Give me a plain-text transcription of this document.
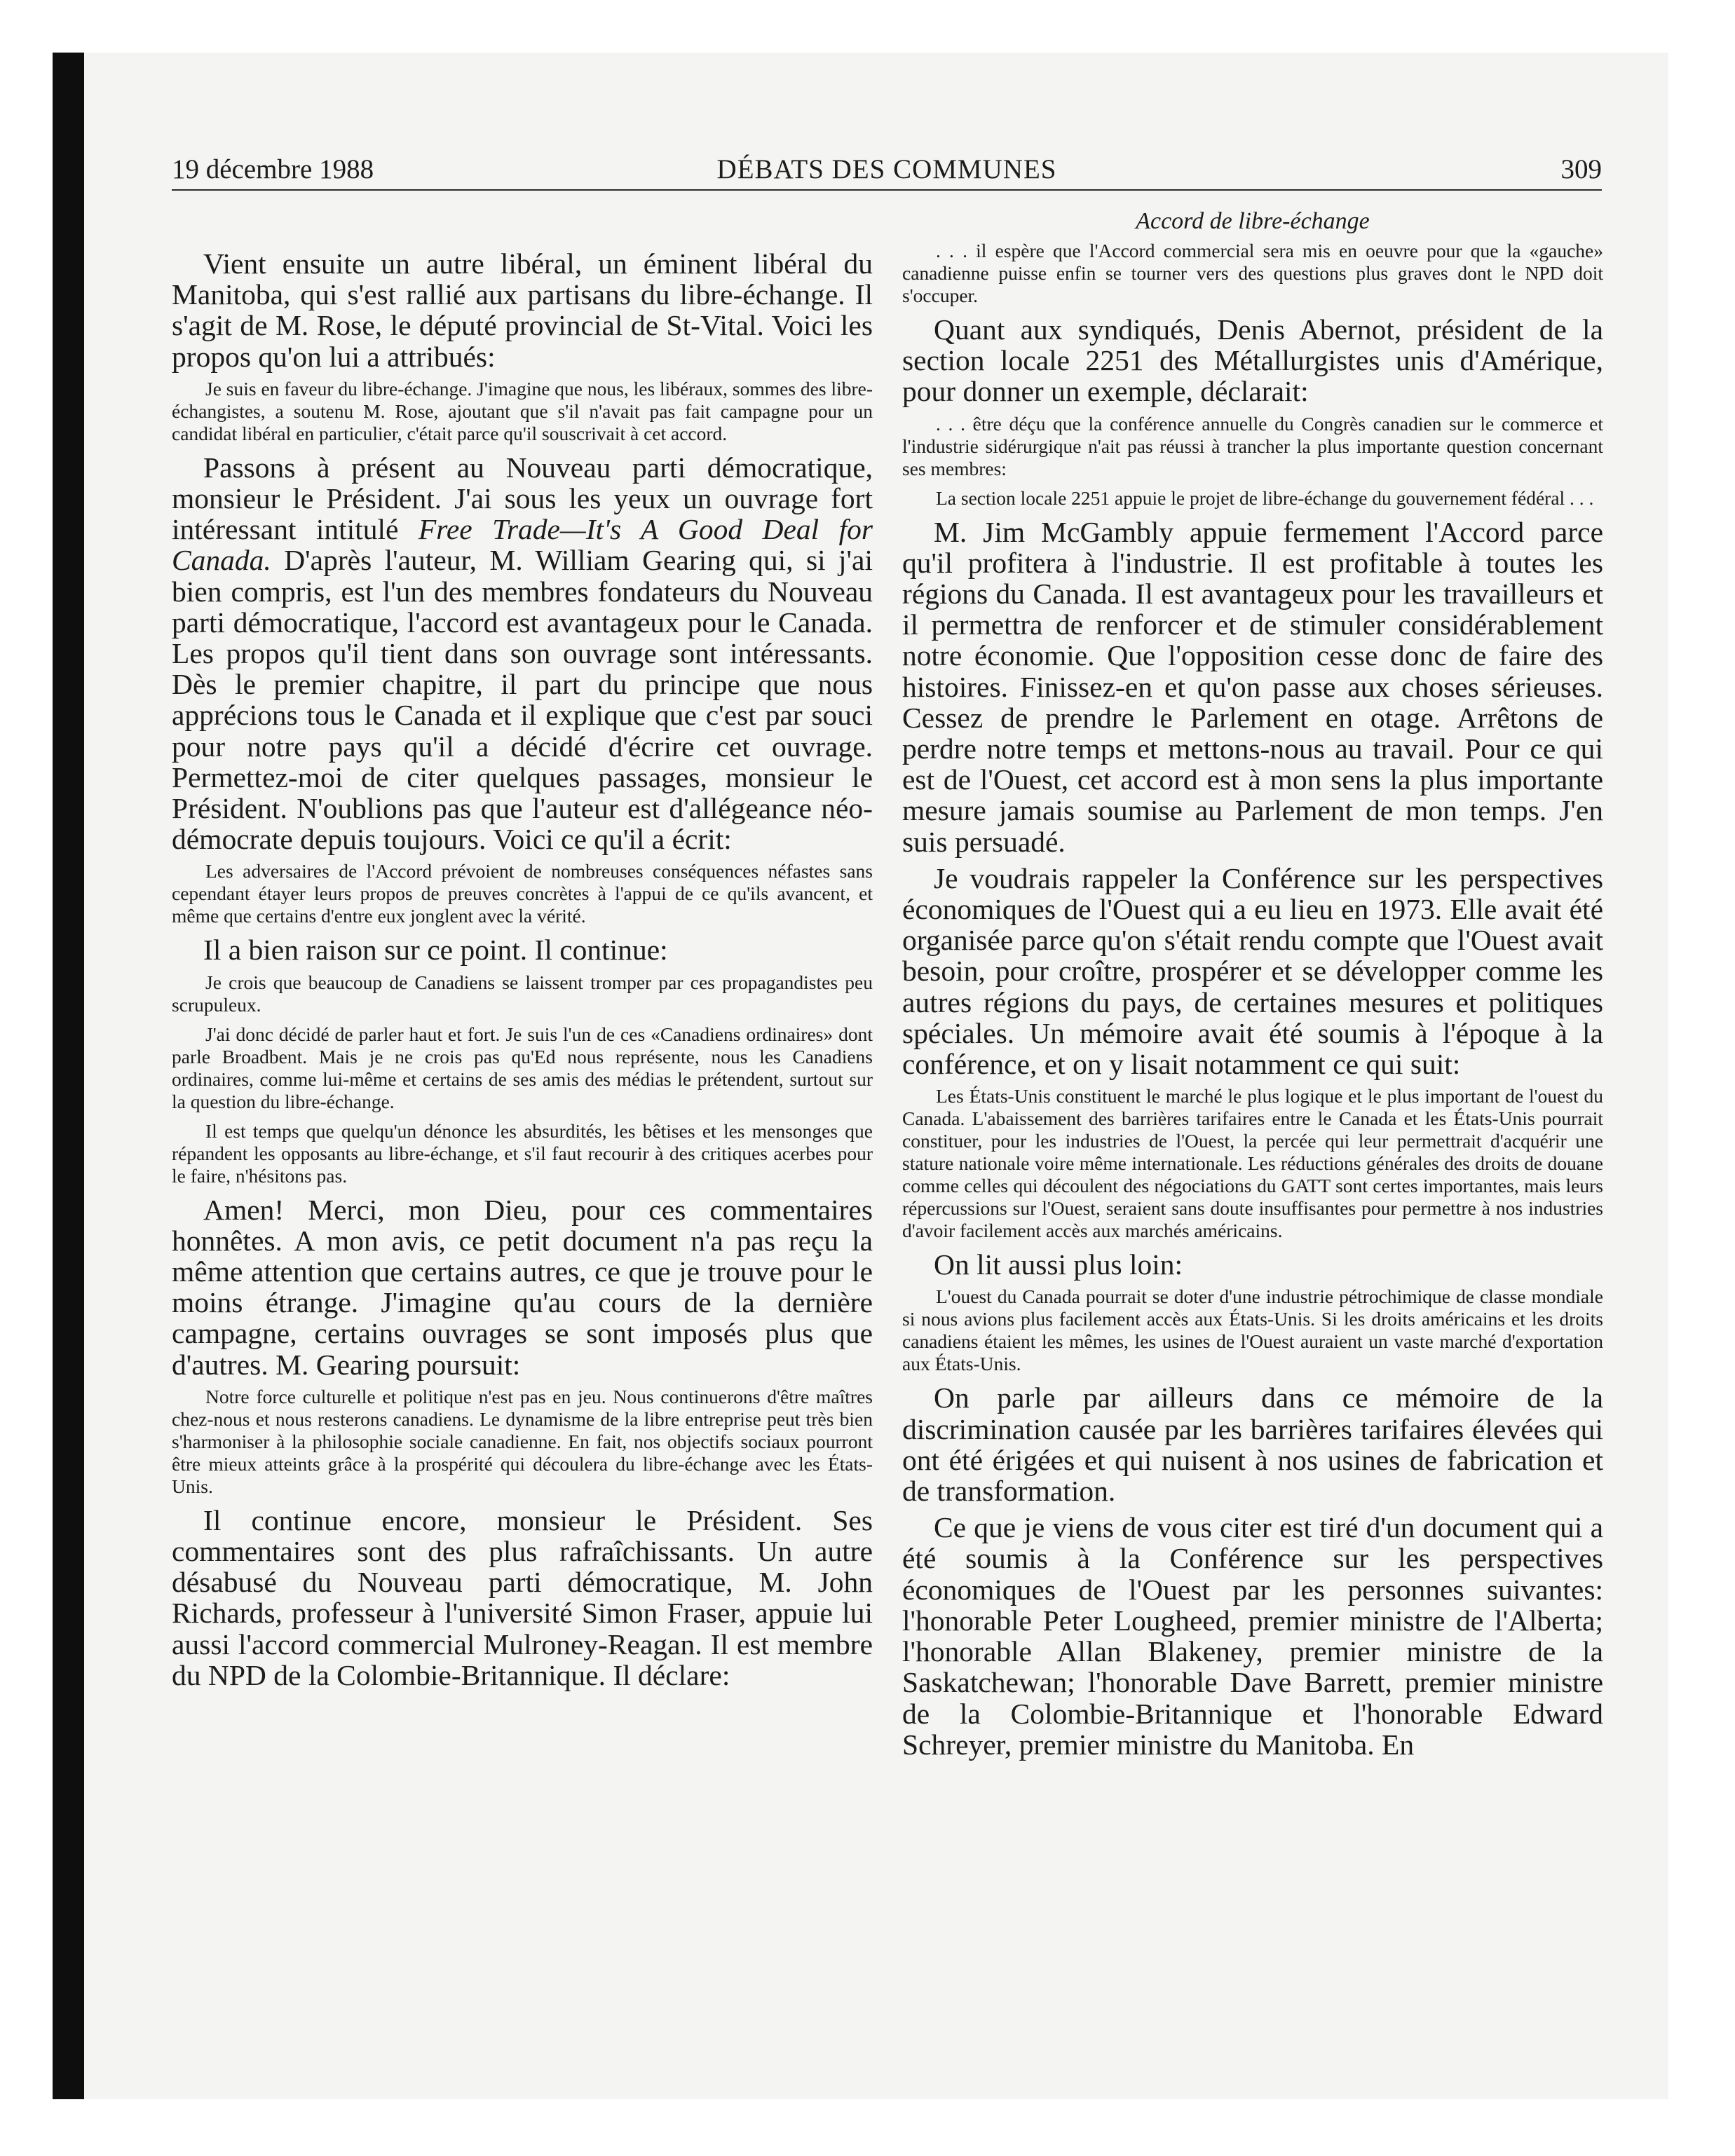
19 décembre 1988	DÉBATS DES COMMUNES	309

Vient ensuite un autre libéral, un éminent libéral du Manitoba, qui s'est rallié aux partisans du libre-échange. Il s'agit de M. Rose, le député provincial de St-Vital. Voici les propos qu'on lui a attribués:

Je suis en faveur du libre-échange. J'imagine que nous, les libéraux, sommes des libre-échangistes, a soutenu M. Rose, ajoutant que s'il n'avait pas fait campagne pour un candidat libéral en particulier, c'était parce qu'il souscrivait à cet accord.

Passons à présent au Nouveau parti démocratique, monsieur le Président. J'ai sous les yeux un ouvrage fort intéressant intitulé Free Trade—It's A Good Deal for Canada. D'après l'auteur, M. William Gearing qui, si j'ai bien compris, est l'un des membres fondateurs du Nouveau parti démocratique, l'accord est avantageux pour le Canada. Les propos qu'il tient dans son ouvrage sont intéressants. Dès le premier chapitre, il part du principe que nous apprécions tous le Canada et il explique que c'est par souci pour notre pays qu'il a décidé d'écrire cet ouvrage. Permettez-moi de citer quelques passages, monsieur le Président. N'oublions pas que l'auteur est d'allégeance néo-démocrate depuis toujours. Voici ce qu'il a écrit:

Les adversaires de l'Accord prévoient de nombreuses conséquences néfastes sans cependant étayer leurs propos de preuves concrètes à l'appui de ce qu'ils avancent, et même que certains d'entre eux jonglent avec la vérité.

Il a bien raison sur ce point. Il continue:

Je crois que beaucoup de Canadiens se laissent tromper par ces propagandistes peu scrupuleux.

J'ai donc décidé de parler haut et fort. Je suis l'un de ces «Canadiens ordinaires» dont parle Broadbent. Mais je ne crois pas qu'Ed nous représente, nous les Canadiens ordinaires, comme lui-même et certains de ses amis des médias le prétendent, surtout sur la question du libre-échange.

Il est temps que quelqu'un dénonce les absurdités, les bêtises et les mensonges que répandent les opposants au libre-échange, et s'il faut recourir à des critiques acerbes pour le faire, n'hésitons pas.

Amen! Merci, mon Dieu, pour ces commentaires honnêtes. A mon avis, ce petit document n'a pas reçu la même attention que certains autres, ce que je trouve pour le moins étrange. J'imagine qu'au cours de la dernière campagne, certains ouvrages se sont imposés plus que d'autres. M. Gearing poursuit:

Notre force culturelle et politique n'est pas en jeu. Nous continuerons d'être maîtres chez-nous et nous resterons canadiens. Le dynamisme de la libre entreprise peut très bien s'harmoniser à la philosophie sociale canadienne. En fait, nos objectifs sociaux pourront être mieux atteints grâce à la prospérité qui découlera du libre-échange avec les États-Unis.

Il continue encore, monsieur le Président. Ses commentaires sont des plus rafraîchissants. Un autre désabusé du Nouveau parti démocratique, M. John Richards, professeur à l'université Simon Fraser, appuie lui aussi l'accord commercial Mulroney-Reagan. Il est membre du NPD de la Colombie-Britannique. Il déclare:

Accord de libre-échange

. . . il espère que l'Accord commercial sera mis en oeuvre pour que la «gauche» canadienne puisse enfin se tourner vers des questions plus graves dont le NPD doit s'occuper.

Quant aux syndiqués, Denis Abernot, président de la section locale 2251 des Métallurgistes unis d'Amérique, pour donner un exemple, déclarait:

. . . être déçu que la conférence annuelle du Congrès canadien sur le commerce et l'industrie sidérurgique n'ait pas réussi à trancher la plus importante question concernant ses membres:

La section locale 2251 appuie le projet de libre-échange du gouvernement fédéral . . .

M. Jim McGambly appuie fermement l'Accord parce qu'il profitera à l'industrie. Il est profitable à toutes les régions du Canada. Il est avantageux pour les travailleurs et il permettra de renforcer et de stimuler considérablement notre économie. Que l'opposition cesse donc de faire des histoires. Finissez-en et qu'on passe aux choses sérieuses. Cessez de prendre le Parlement en otage. Arrêtons de perdre notre temps et mettons-nous au travail. Pour ce qui est de l'Ouest, cet accord est à mon sens la plus importante mesure jamais soumise au Parlement de mon temps. J'en suis persuadé.

Je voudrais rappeler la Conférence sur les perspectives économiques de l'Ouest qui a eu lieu en 1973. Elle avait été organisée parce qu'on s'était rendu compte que l'Ouest avait besoin, pour croître, prospérer et se développer comme les autres régions du pays, de certaines mesures et politiques spéciales. Un mémoire avait été soumis à l'époque à la conférence, et on y lisait notamment ce qui suit:

Les États-Unis constituent le marché le plus logique et le plus important de l'ouest du Canada. L'abaissement des barrières tarifaires entre le Canada et les États-Unis pourrait constituer, pour les industries de l'Ouest, la percée qui leur permettrait d'acquérir une stature nationale voire même internationale. Les réductions générales des droits de douane comme celles qui découlent des négociations du GATT sont certes importantes, mais leurs répercussions sur l'Ouest, seraient sans doute insuffisantes pour permettre à nos industries d'avoir facilement accès aux marchés américains.

On lit aussi plus loin:

L'ouest du Canada pourrait se doter d'une industrie pétrochimique de classe mondiale si nous avions plus facilement accès aux États-Unis. Si les droits américains et les droits canadiens étaient les mêmes, les usines de l'Ouest auraient un vaste marché d'exportation aux États-Unis.

On parle par ailleurs dans ce mémoire de la discrimination causée par les barrières tarifaires élevées qui ont été érigées et qui nuisent à nos usines de fabrication et de transformation.

Ce que je viens de vous citer est tiré d'un document qui a été soumis à la Conférence sur les perspectives économiques de l'Ouest par les personnes suivantes: l'honorable Peter Lougheed, premier ministre de l'Alberta; l'honorable Allan Blakeney, premier ministre de la Saskatchewan; l'honorable Dave Barrett, premier ministre de la Colombie-Britannique et l'honorable Edward Schreyer, premier ministre du Manitoba. En
